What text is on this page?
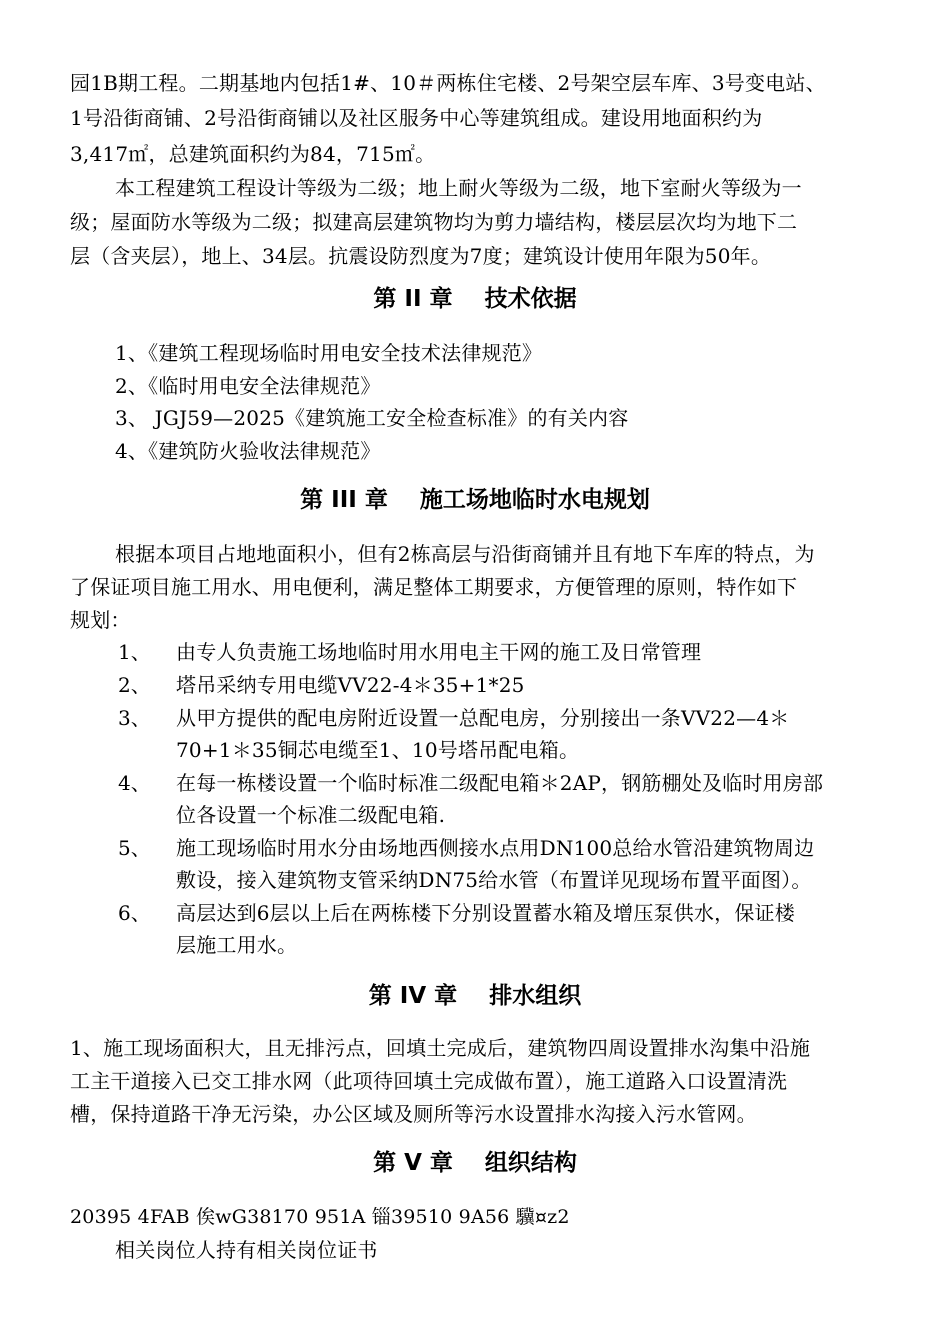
园1B期工程。二期基地内包括1#、10＃两栋住宅楼、2号架空层车库、3号变电站、
1号沿街商铺、2号沿街商铺以及社区服务中心等建筑组成。建设用地面积约为
3,417㎡，总建筑面积约为84，715㎡。
本工程建筑工程设计等级为二级；地上耐火等级为二级，地下室耐火等级为一
级；屋面防水等级为二级；拟建高层建筑物均为剪力墙结构，楼层层次均为地下二
层（含夹层），地上、34层。抗震设防烈度为7度；建筑设计使用年限为50年。
第 II 章    技术依据
1、《建筑工程现场临时用电安全技术法律规范》
2、《临时用电安全法律规范》
3、 JGJ59—2025《建筑施工安全检查标准》的有关内容
4、《建筑防火验收法律规范》
第 III 章    施工场地临时水电规划
根据本项目占地地面积小，但有2栋高层与沿街商铺并且有地下车库的特点，为
了保证项目施工用水、用电便利，满足整体工期要求，方便管理的原则，特作如下
规划：
1、 由专人负责施工场地临时用水用电主干网的施工及日常管理
2、 塔吊采纳专用电缆VV22-4＊35+1*25
3、 从甲方提供的配电房附近设置一总配电房，分别接出一条VV22—4＊
70+1＊35铜芯电缆至1、10号塔吊配电箱。
4、 在每一栋楼设置一个临时标准二级配电箱＊2AP，钢筋棚处及临时用房部
位各设置一个标准二级配电箱.
5、 施工现场临时用水分由场地西侧接水点用DN100总给水管沿建筑物周边
敷设，接入建筑物支管采纳DN75给水管（布置详见现场布置平面图）。
6、 高层达到6层以上后在两栋楼下分别设置蓄水箱及增压泵供水，保证楼
层施工用水。
第 IV 章    排水组织
1、施工现场面积大，且无排污点，回填土完成后，建筑物四周设置排水沟集中沿施
工主干道接入已交工排水网（此项待回填土完成做布置），施工道路入口设置清洗
槽，保持道路干净无污染，办公区域及厕所等污水设置排水沟接入污水管网。
第 V 章    组织结构
20395 4FAB 俟wG38170 951A 锱39510 9A56 驥¤z2
相关岗位人持有相关岗位证书
